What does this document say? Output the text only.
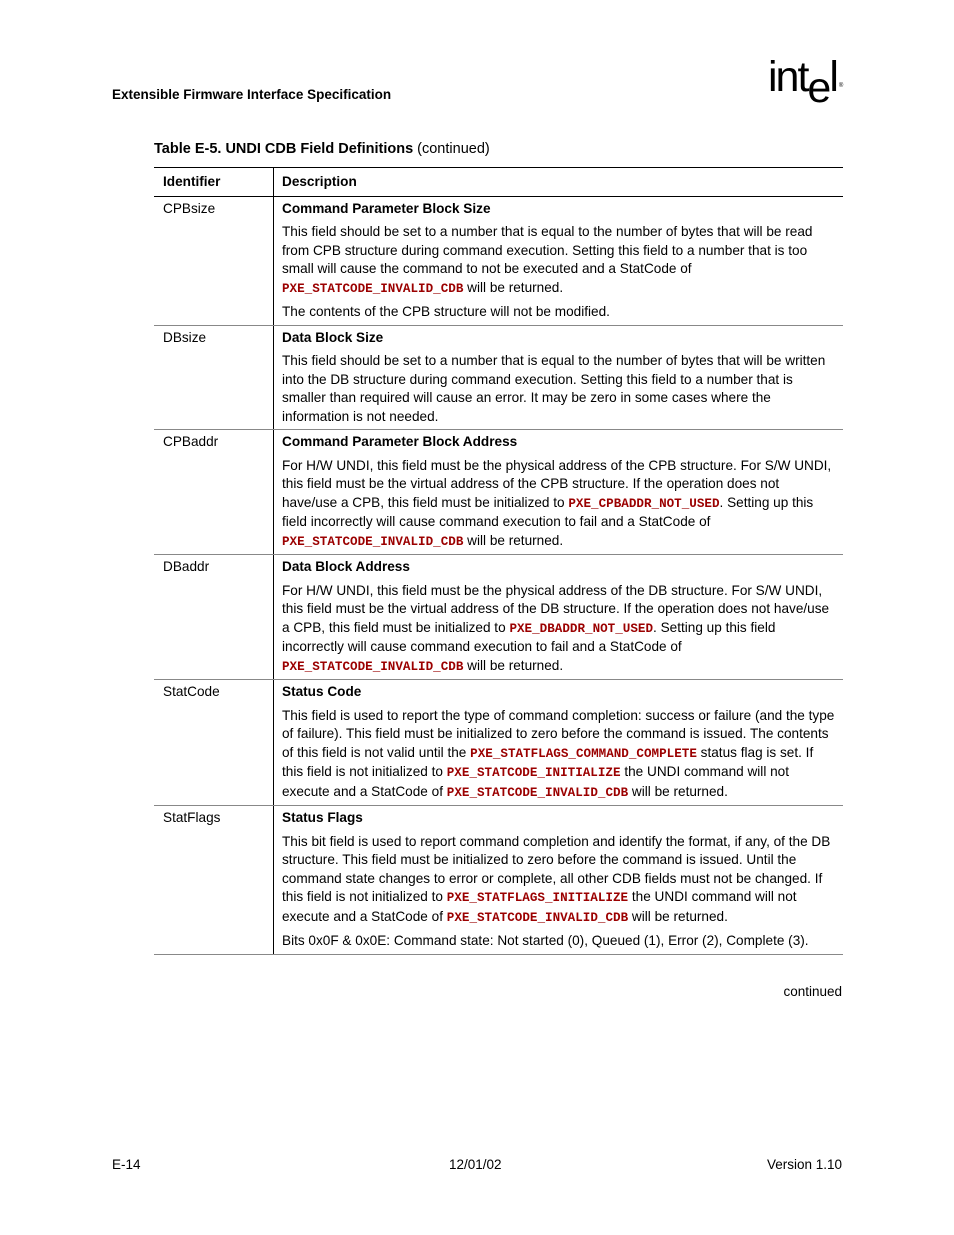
Extensible Firmware Interface Specification	intel ®
Table E-5. UNDI CDB Field Definitions (continued)
Identifier	Description
CPBsize	Command Parameter Block Size
This field should be set to a number that is equal to the number of bytes that will be read from CPB structure during command execution. Setting this field to a number that is too small will cause the command to not be executed and a StatCode of PXE_STATCODE_INVALID_CDB will be returned.
The contents of the CPB structure will not be modified.

DBsize	Data Block Size
This field should be set to a number that is equal to the number of bytes that will be written into the DB structure during command execution. Setting this field to a number that is smaller than required will cause an error. It may be zero in some cases where the information is not needed.

CPBaddr	Command Parameter Block Address
For H/W UNDI, this field must be the physical address of the CPB structure. For S/W UNDI, this field must be the virtual address of the CPB structure. If the operation does not have/use a CPB, this field must be initialized to PXE_CPBADDR_NOT_USED. Setting up this field incorrectly will cause command execution to fail and a StatCode of PXE_STATCODE_INVALID_CDB will be returned.

DBaddr	Data Block Address
For H/W UNDI, this field must be the physical address of the DB structure. For S/W UNDI, this field must be the virtual address of the DB structure. If the operation does not have/use a CPB, this field must be initialized to PXE_DBADDR_NOT_USED. Setting up this field incorrectly will cause command execution to fail and a StatCode of PXE_STATCODE_INVALID_CDB will be returned.

StatCode	Status Code
This field is used to report the type of command completion: success or failure (and the type of failure). This field must be initialized to zero before the command is issued. The contents of this field is not valid until the PXE_STATFLAGS_COMMAND_COMPLETE status flag is set. If this field is not initialized to PXE_STATCODE_INITIALIZE the UNDI command will not execute and a StatCode of PXE_STATCODE_INVALID_CDB will be returned.

StatFlags	Status Flags
This bit field is used to report command completion and identify the format, if any, of the DB structure. This field must be initialized to zero before the command is issued. Until the command state changes to error or complete, all other CDB fields must not be changed. If this field is not initialized to PXE_STATFLAGS_INITIALIZE the UNDI command will not execute and a StatCode of PXE_STATCODE_INVALID_CDB will be returned.
Bits 0x0F & 0x0E: Command state: Not started (0), Queued (1), Error (2), Complete (3).
continued
E-14	12/01/02	Version 1.10
